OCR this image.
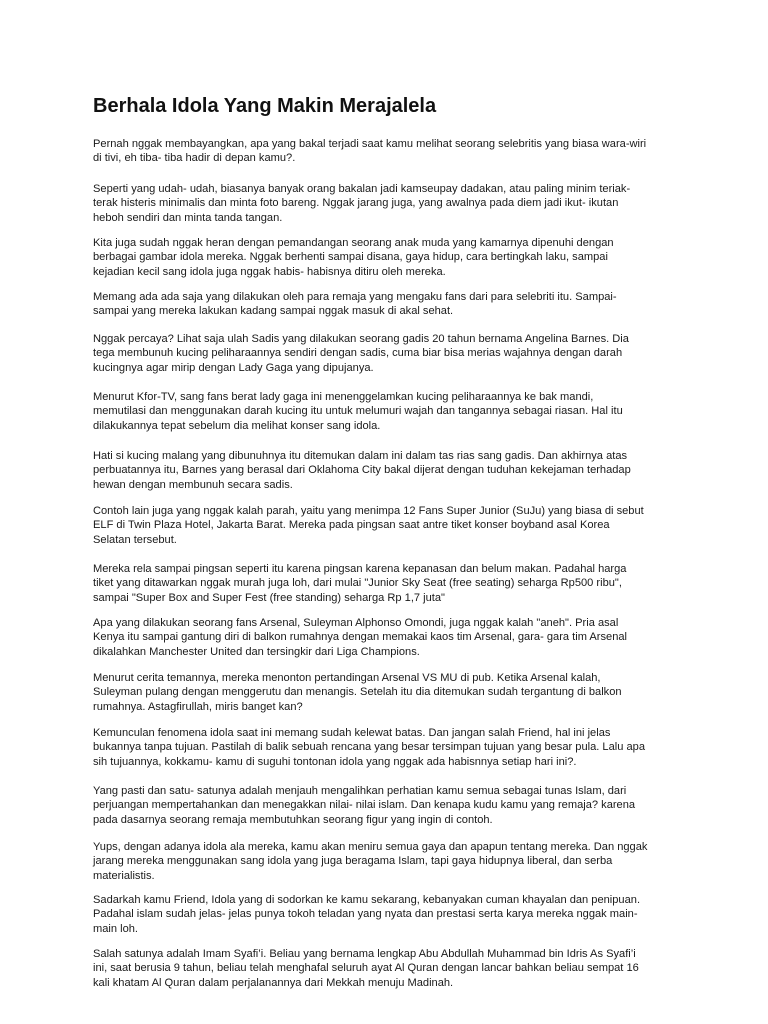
Berhala Idola Yang Makin Merajalela
Pernah nggak membayangkan, apa yang bakal terjadi saat kamu melihat seorang selebritis yang biasa wara-wiri
di tivi, eh tiba- tiba hadir di depan kamu?.
Seperti yang udah- udah, biasanya banyak orang bakalan jadi kamseupay dadakan, atau paling minim teriak-
terak histeris minimalis dan minta foto bareng. Nggak jarang juga, yang awalnya pada diem jadi ikut- ikutan
heboh sendiri dan minta tanda tangan.
Kita juga sudah nggak heran dengan pemandangan seorang anak muda yang kamarnya dipenuhi dengan
berbagai gambar idola mereka. Nggak berhenti sampai disana, gaya hidup, cara bertingkah laku, sampai
kejadian kecil sang idola juga nggak habis- habisnya ditiru oleh mereka.
Memang ada ada saja yang dilakukan oleh para remaja yang mengaku fans dari para selebriti itu. Sampai-
sampai yang mereka lakukan kadang sampai nggak masuk di akal sehat.
Nggak percaya? Lihat saja ulah Sadis yang dilakukan seorang gadis 20 tahun bernama Angelina Barnes. Dia
tega membunuh kucing peliharaannya sendiri dengan sadis, cuma biar bisa merias wajahnya dengan darah
kucingnya agar mirip dengan Lady Gaga yang dipujanya.
Menurut Kfor-TV, sang fans berat lady gaga ini menenggelamkan kucing peliharaannya ke bak mandi,
memutilasi dan menggunakan darah kucing itu untuk melumuri wajah dan tangannya sebagai riasan. Hal itu
dilakukannya tepat sebelum dia melihat konser sang idola.
Hati si kucing malang yang dibunuhnya itu ditemukan dalam ini dalam tas rias sang gadis. Dan akhirnya atas
perbuatannya itu, Barnes yang berasal dari Oklahoma City bakal dijerat dengan tuduhan kekejaman terhadap
hewan dengan membunuh secara sadis.
Contoh lain juga yang nggak kalah parah, yaitu yang menimpa 12 Fans Super Junior (SuJu) yang biasa di sebut
ELF di Twin Plaza Hotel, Jakarta Barat. Mereka pada pingsan saat antre tiket konser boyband asal Korea
Selatan tersebut.
Mereka rela sampai pingsan seperti itu karena pingsan karena kepanasan dan belum makan. Padahal harga
tiket yang ditawarkan nggak murah juga loh, dari mulai "Junior Sky Seat (free seating) seharga Rp500 ribu",
sampai "Super Box and Super Fest (free standing) seharga Rp 1,7 juta"
Apa yang dilakukan seorang fans Arsenal, Suleyman Alphonso Omondi, juga nggak kalah "aneh". Pria asal
Kenya itu sampai gantung diri di balkon rumahnya dengan memakai kaos tim Arsenal, gara- gara tim Arsenal
dikalahkan Manchester United dan tersingkir dari Liga Champions.
Menurut cerita temannya, mereka menonton pertandingan Arsenal VS MU di pub. Ketika Arsenal kalah,
Suleyman pulang dengan menggerutu dan menangis. Setelah itu dia ditemukan sudah tergantung di balkon
rumahnya. Astagfirullah, miris banget kan?
Kemunculan fenomena idola saat ini memang sudah kelewat batas. Dan jangan salah Friend, hal ini jelas
bukannya tanpa tujuan. Pastilah di balik sebuah rencana yang besar tersimpan tujuan yang besar pula. Lalu apa
sih tujuannya, kokkamu- kamu di suguhi tontonan idola yang nggak ada habisnnya setiap hari ini?.
Yang pasti dan satu- satunya adalah menjauh mengalihkan perhatian kamu semua sebagai tunas Islam, dari
perjuangan mempertahankan dan menegakkan nilai- nilai islam. Dan kenapa kudu kamu yang remaja? karena
pada dasarnya seorang remaja membutuhkan seorang figur yang ingin di contoh.
Yups, dengan adanya idola ala mereka, kamu akan meniru semua gaya dan apapun tentang mereka. Dan nggak
jarang mereka menggunakan sang idola yang juga beragama Islam, tapi gaya hidupnya liberal, dan serba
materialistis.
Sadarkah kamu Friend, Idola yang di sodorkan ke kamu sekarang, kebanyakan cuman khayalan dan penipuan.
Padahal islam sudah jelas- jelas punya tokoh teladan yang nyata dan prestasi serta karya mereka nggak main-
main loh.
Salah satunya adalah Imam Syafi’i. Beliau yang bernama lengkap Abu Abdullah Muhammad bin Idris As Syafi’i
ini, saat berusia 9 tahun, beliau telah menghafal seluruh ayat Al Quran dengan lancar bahkan beliau sempat 16
kali khatam Al Quran dalam perjalanannya dari Mekkah menuju Madinah.
